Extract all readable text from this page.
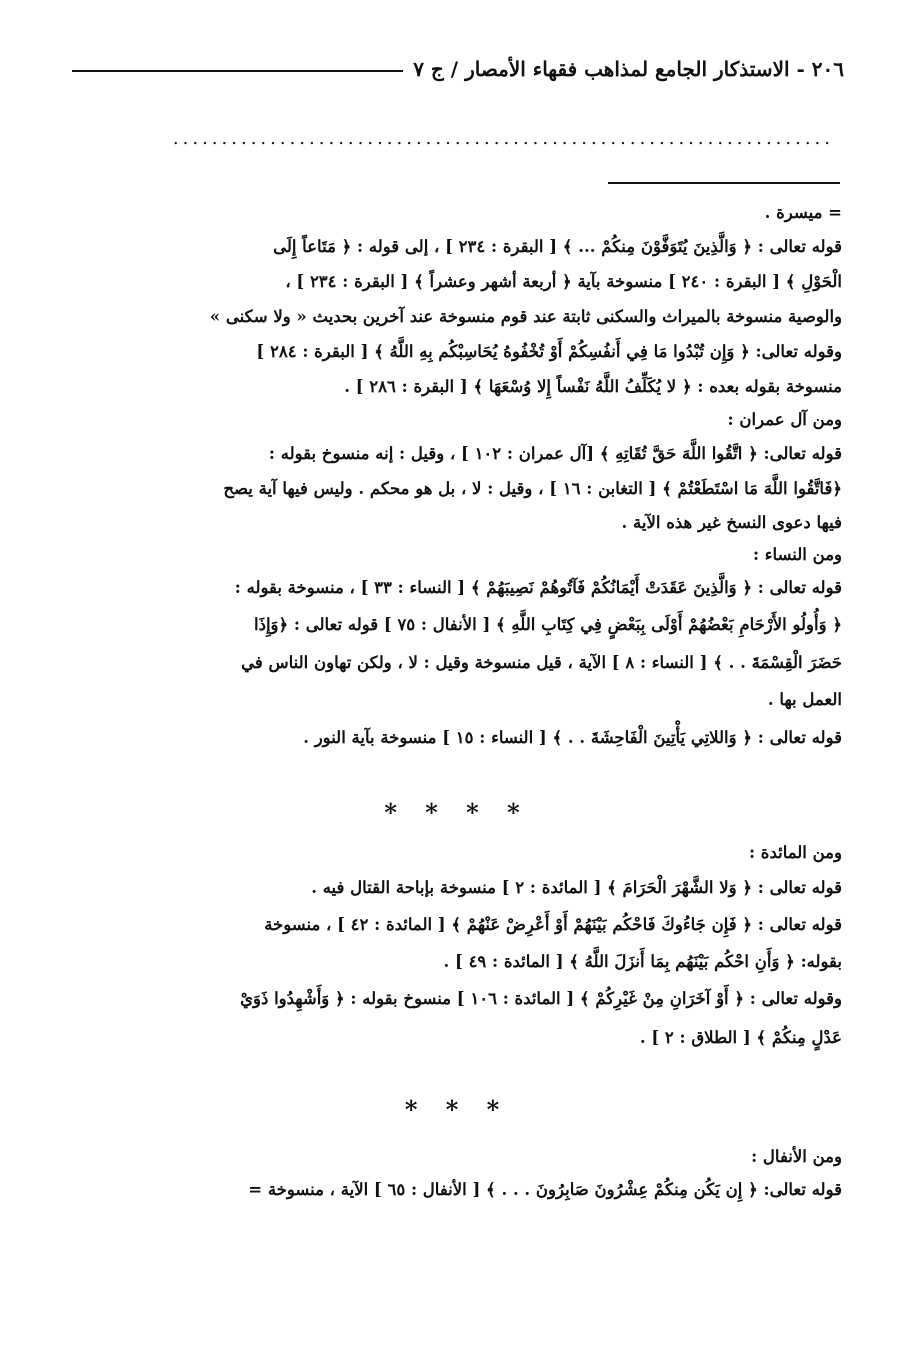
٢٠٦ - الاستذكار الجامع لمذاهب فقهاء الأمصار / ج ٧
....................................................................
= ميسرة .
قوله تعالى : ﴿ وَالَّذِينَ يُتَوَفَّوْنَ مِنكُمْ ... ﴾ [ البقرة : ٢٣٤ ] ، إلى قوله : ﴿ مَتَاعاً إِلَى
الْحَوْلِ ﴾ [ البقرة : ٢٤٠ ] منسوخة بآية ﴿ أربعة أشهر وعشراً ﴾ [ البقرة : ٢٣٤ ] ،
والوصية منسوخة بالميراث والسكنى ثابتة عند قوم منسوخة عند آخرين بحديث « ولا سكنى »
وقوله تعالى: ﴿ وَإِن تُبْدُوا مَا فِي أَنفُسِكُمْ أَوْ تُخْفُوهُ يُحَاسِبْكُم بِهِ اللَّهُ ﴾ [ البقرة : ٢٨٤ ]
منسوخة بقوله بعده : ﴿ لا يُكَلِّفُ اللَّهُ نَفْساً إِلا وُسْعَهَا ﴾ [ البقرة : ٢٨٦ ] .
ومن آل عمران :
قوله تعالى: ﴿ اتَّقُوا اللَّهَ حَقَّ تُقَاتِهِ ﴾ [آل عمران : ١٠٢ ] ، وقيل : إنه منسوخ بقوله :
﴿فَاتَّقُوا اللَّهَ مَا اسْتَطَعْتُمْ ﴾ [ التغابن : ١٦ ] ، وقيل : لا ، بل هو محكم . وليس فيها آية يصح
فيها دعوى النسخ غير هذه الآية .
ومن النساء :
قوله تعالى : ﴿ وَالَّذِينَ عَقَدَتْ أَيْمَانُكُمْ فَآتُوهُمْ نَصِيبَهُمْ ﴾ [ النساء : ٣٣ ] ، منسوخة بقوله :
﴿ وَأُولُو الأَرْحَامِ بَعْضُهُمْ أَوْلَى بِبَعْضٍ فِي كِتَابِ اللَّهِ ﴾ [ الأنفال : ٧٥ ] قوله تعالى : ﴿وَإِذَا
حَضَرَ الْقِسْمَةَ . . ﴾ [ النساء : ٨ ] الآية ، قيل منسوخة وقيل : لا ، ولكن تهاون الناس في
العمل بها .
قوله تعالى : ﴿ وَاللاتِي يَأْتِينَ الْفَاحِشَةَ . . ﴾ [ النساء : ١٥ ] منسوخة بآية النور .
* * * *
ومن المائدة :
قوله تعالى : ﴿ وَلا الشَّهْرَ الْحَرَامَ ﴾ [ المائدة : ٢ ] منسوخة بإباحة القتال فيه .
قوله تعالى : ﴿ فَإِن جَاءُوكَ فَاحْكُم بَيْنَهُمْ أَوْ أَعْرِضْ عَنْهُمْ ﴾ [ المائدة : ٤٢ ] ، منسوخة
بقوله: ﴿ وَأَنِ احْكُم بَيْنَهُم بِمَا أَنزَلَ اللَّهُ ﴾ [ المائدة : ٤٩ ] .
وقوله تعالى : ﴿ أَوْ آخَرَانِ مِنْ غَيْرِكُمْ ﴾ [ المائدة : ١٠٦ ] منسوخ بقوله : ﴿ وَأَشْهِدُوا ذَوَيْ
عَدْلٍ مِنكُمْ ﴾ [ الطلاق : ٢ ] .
* * *
ومن الأنفال :
قوله تعالى: ﴿ إِن يَكُن مِنكُمْ عِشْرُونَ صَابِرُونَ . . . ﴾ [ الأنفال : ٦٥ ] الآية ، منسوخة =
